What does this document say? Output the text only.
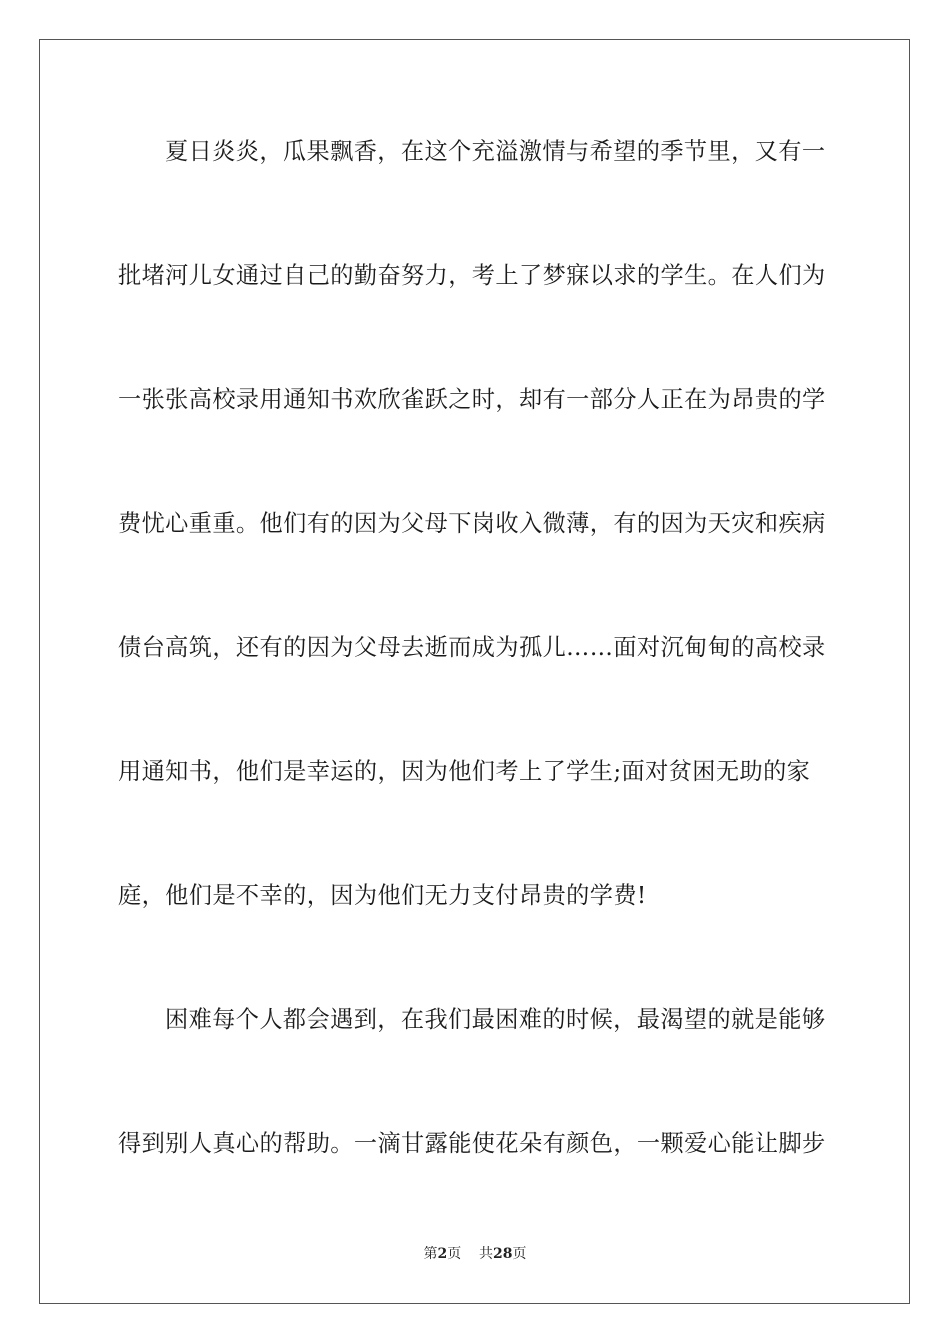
夏日炎炎，瓜果飘香，在这个充溢激情与希望的季节里，又有一
批堵河儿女通过自己的勤奋努力，考上了梦寐以求的学生。在人们为
一张张高校录用通知书欢欣雀跃之时，却有一部分人正在为昂贵的学
费忧心重重。他们有的因为父母下岗收入微薄，有的因为天灾和疾病
债台高筑，还有的因为父母去逝而成为孤儿……面对沉甸甸的高校录
用通知书，他们是幸运的，因为他们考上了学生;面对贫困无助的家
庭，他们是不幸的，因为他们无力支付昂贵的学费!
困难每个人都会遇到，在我们最困难的时候，最渴望的就是能够
得到别人真心的帮助。一滴甘露能使花朵有颜色，一颗爱心能让脚步
第2页 共28页
